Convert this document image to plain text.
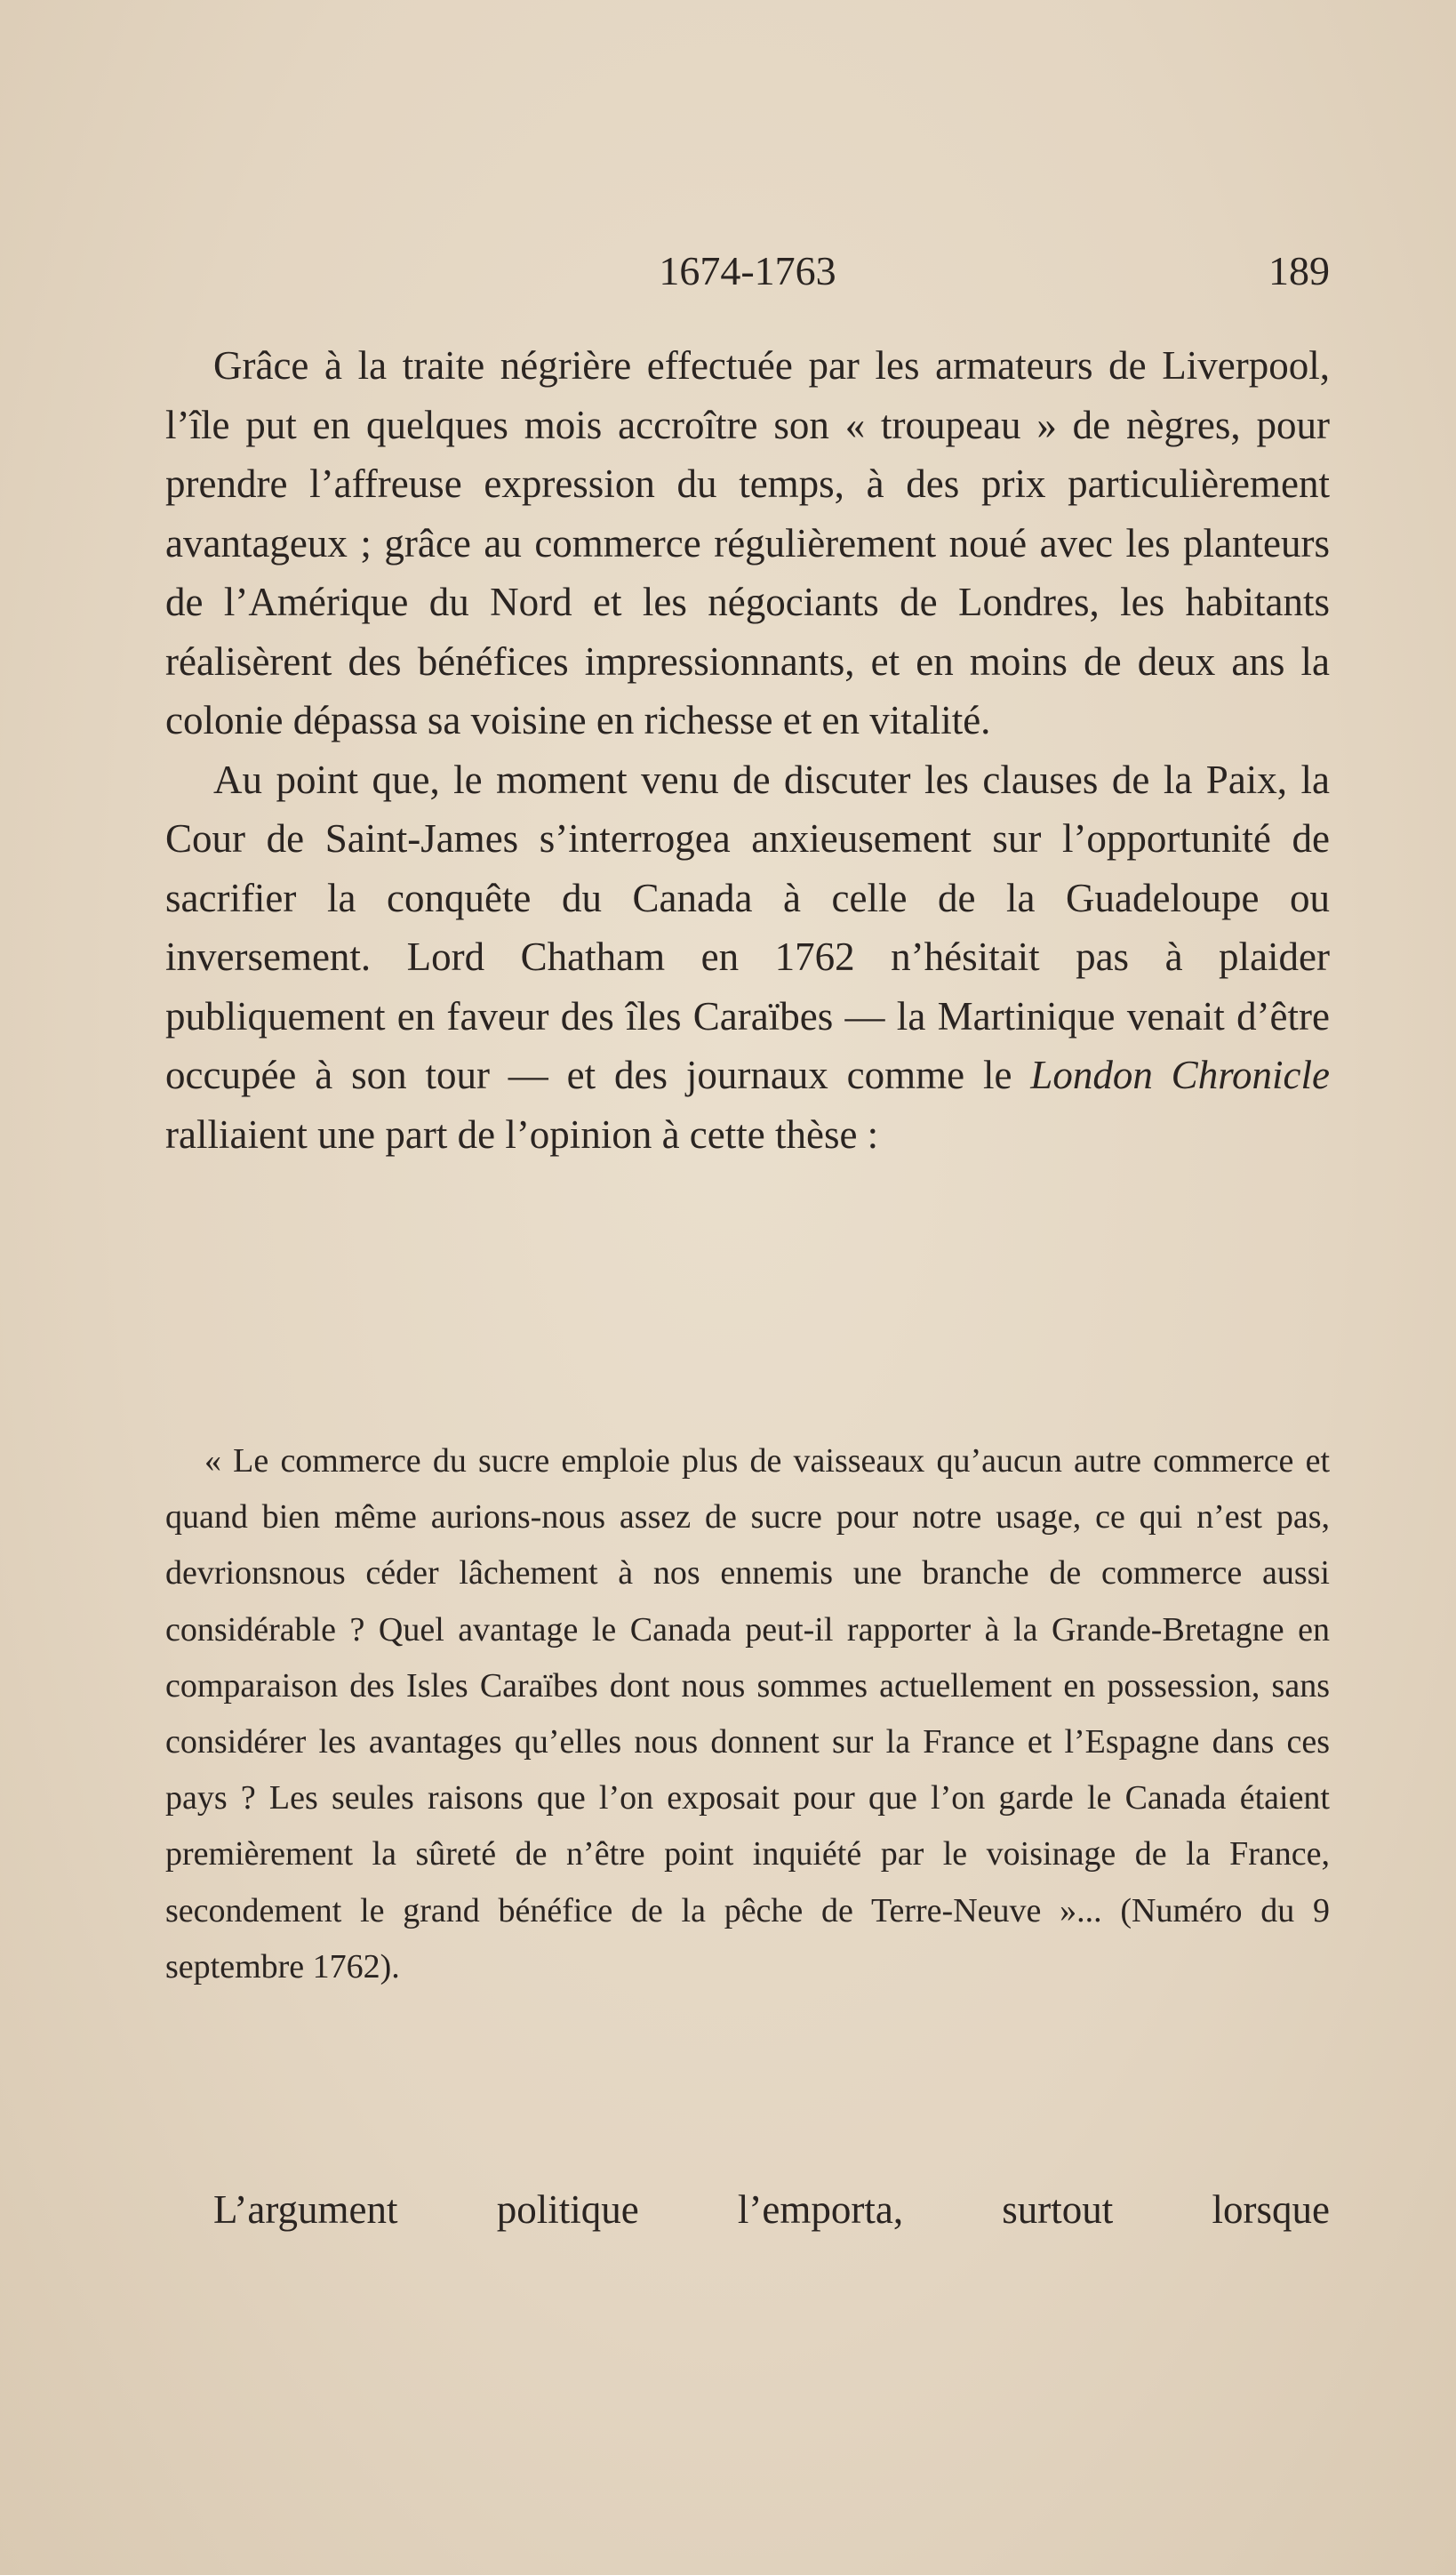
1674-1763	189

Grâce à la traite négrière effectuée par les armateurs de Liverpool, l’île put en quelques mois accroître son « troupeau » de nègres, pour prendre l’affreuse expression du temps, à des prix particulièrement avantageux ; grâce au commerce régulièrement noué avec les planteurs de l’Amérique du Nord et les négociants de Londres, les habitants réalisèrent des bénéfices impressionnants, et en moins de deux ans la colonie dépassa sa voisine en richesse et en vitalité.

Au point que, le moment venu de discuter les clauses de la Paix, la Cour de Saint-James s’interrogea anxieusement sur l’opportunité de sacrifier la conquête du Canada à celle de la Guadeloupe ou inversement. Lord Chatham en 1762 n’hésitait pas à plaider publiquement en faveur des îles Caraïbes — la Martinique venait d’être occupée à son tour — et des journaux comme le London Chronicle ralliaient une part de l’opinion à cette thèse :

« Le commerce du sucre emploie plus de vaisseaux qu’aucun autre commerce et quand bien même aurions-nous assez de sucre pour notre usage, ce qui n’est pas, devrionsnous céder lâchement à nos ennemis une branche de commerce aussi considérable ? Quel avantage le Canada peut-il rapporter à la Grande-Bretagne en comparaison des Isles Caraïbes dont nous sommes actuellement en possession, sans considérer les avantages qu’elles nous donnent sur la France et l’Espagne dans ces pays ? Les seules raisons que l’on exposait pour que l’on garde le Canada étaient premièrement la sûreté de n’être point inquiété par le voisinage de la France, secondement le grand bénéfice de la pêche de Terre-Neuve »... (Numéro du 9 septembre 1762).

L’argument politique l’emporta, surtout lorsque
